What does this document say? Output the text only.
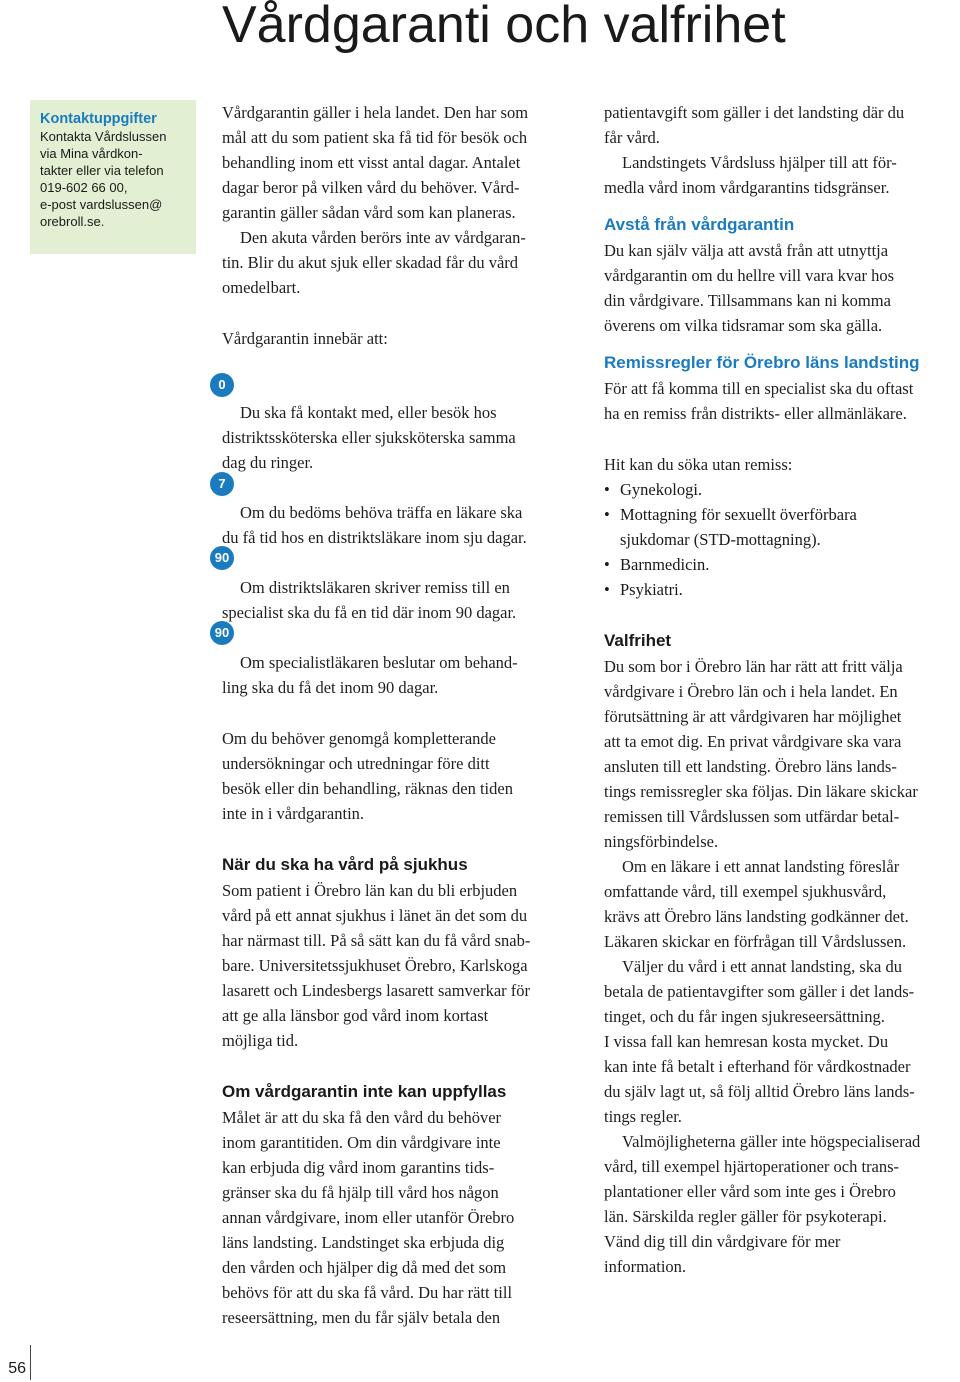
Vårdgaranti och valfrihet
Kontaktuppgifter
Kontakta Vårdslussen
via Mina vårdkon-
takter eller via telefon
019-602 66 00,
e-post vardslussen@
orebroll.se.
Vårdgarantin gäller i hela landet. Den har som
mål att du som patient ska få tid för besök och
behandling inom ett visst antal dagar. Antalet
dagar beror på vilken vård du behöver. Vård-
garantin gäller sådan vård som kan planeras.
Den akuta vården berörs inte av vårdgaran-
tin. Blir du akut sjuk eller skadad får du vård
omedelbart.
Vårdgarantin innebär att:
Du ska få kontakt med, eller besök hos
distriktssköterska eller sjuksköterska samma
dag du ringer.
Om du bedöms behöva träffa en läkare ska
du få tid hos en distriktsläkare inom sju dagar.
Om distriktsläkaren skriver remiss till en
specialist ska du få en tid där inom 90 dagar.
Om specialistläkaren beslutar om behand-
ling ska du få det inom 90 dagar.
Om du behöver genomgå kompletterande
undersökningar och utredningar före ditt
besök eller din behandling, räknas den tiden
inte in i vårdgarantin.
När du ska ha vård på sjukhus
Som patient i Örebro län kan du bli erbjuden
vård på ett annat sjukhus i länet än det som du
har närmast till. På så sätt kan du få vård snab-
bare. Universitetssjukhuset Örebro, Karlskoga
lasarett och Lindesbergs lasarett samverkar för
att ge alla länsbor god vård inom kortast
möjliga tid.
Om vårdgarantin inte kan uppfyllas
Målet är att du ska få den vård du behöver
inom garantitiden. Om din vårdgivare inte
kan erbjuda dig vård inom garantins tids-
gränser ska du få hjälp till vård hos någon
annan vårdgivare, inom eller utanför Örebro
läns landsting. Landstinget ska erbjuda dig
den vården och hjälper dig då med det som
behövs för att du ska få vård. Du har rätt till
reseersättning, men du får själv betala den
0
7
90
90
patientavgift som gäller i det landsting där du
får vård.
Landstingets Vårdsluss hjälper till att för-
medla vård inom vårdgarantins tidsgränser.
Avstå från vårdgarantin
Du kan själv välja att avstå från att utnyttja
vårdgarantin om du hellre vill vara kvar hos
din vårdgivare. Tillsammans kan ni komma
överens om vilka tidsramar som ska gälla.
Remissregler för Örebro läns landsting
För att få komma till en specialist ska du oftast
ha en remiss från distrikts- eller allmänläkare.
Hit kan du söka utan remiss:
• Gynekologi.
• Mottagning för sexuellt överförbara
sjukdomar (STD-mottagning).
• Barnmedicin.
• Psykiatri.
Valfrihet
Du som bor i Örebro län har rätt att fritt välja
vårdgivare i Örebro län och i hela landet. En
förutsättning är att vårdgivaren har möjlighet
att ta emot dig. En privat vårdgivare ska vara
ansluten till ett landsting. Örebro läns lands-
tings remissregler ska följas. Din läkare skickar
remissen till Vårdslussen som utfärdar betal-
ningsförbindelse.
Om en läkare i ett annat landsting föreslår
omfattande vård, till exempel sjukhusvård,
krävs att Örebro läns landsting godkänner det.
Läkaren skickar en förfrågan till Vårdslussen.
Väljer du vård i ett annat landsting, ska du
betala de patientavgifter som gäller i det lands-
tinget, och du får ingen sjukreseersättning.
I vissa fall kan hemresan kosta mycket. Du
kan inte få betalt i efterhand för vårdkostnader
du själv lagt ut, så följ alltid Örebro läns lands-
tings regler.
Valmöjligheterna gäller inte högspecialiserad
vård, till exempel hjärtoperationer och trans-
plantationer eller vård som inte ges i Örebro
län. Särskilda regler gäller för psykoterapi.
Vänd dig till din vårdgivare för mer
information.
56
